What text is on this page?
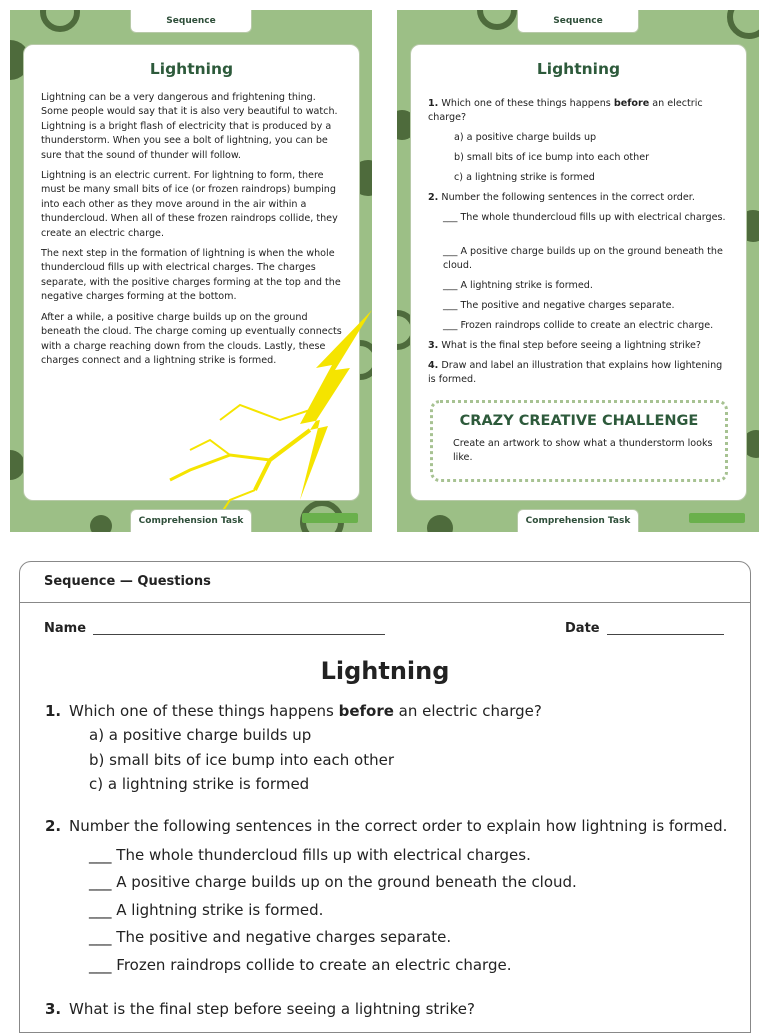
Sequence
Lightning

Lightning can be a very dangerous and frightening thing. Some people would say that it is also very beautiful to watch. Lightning is a bright flash of electricity that is produced by a thunderstorm. When you see a bolt of lightning, you can be sure that the sound of thunder will follow.

Lightning is an electric current. For lightning to form, there must be many small bits of ice (or frozen raindrops) bumping into each other as they move around in the air within a thundercloud. When all of these frozen raindrops collide, they create an electric charge.

The next step in the formation of lightning is when the whole thundercloud fills up with electrical charges. The charges separate, with the positive charges forming at the top and the negative charges forming at the bottom.

After a while, a positive charge builds up on the ground beneath the cloud. The charge coming up eventually connects with a charge reaching down from the clouds. Lastly, these charges connect and a lightning strike is formed.

Comprehension Task
Sequence
Lightning
1. Which one of these things happens before an electric charge?
a) a positive charge builds up
b) small bits of ice bump into each other
c) a lightning strike is formed
2. Number the following sentences in the correct order.
___ The whole thundercloud fills up with electrical charges.
___ A positive charge builds up on the ground beneath the cloud.
___ A lightning strike is formed.
___ The positive and negative charges separate.
___ Frozen raindrops collide to create an electric charge.
3. What is the final step before seeing a lightning strike?
4. Draw and label an illustration that explains how lightening is formed.
CRAZY CREATIVE CHALLENGE
Create an artwork to show what a thunderstorm looks like.
Comprehension Task
Sequence — Questions
Name	Date
Lightning
1. Which one of these things happens before an electric charge?
a) a positive charge builds up
b) small bits of ice bump into each other
c) a lightning strike is formed
2. Number the following sentences in the correct order to explain how lightning is formed.
___ The whole thundercloud fills up with electrical charges.
___ A positive charge builds up on the ground beneath the cloud.
___ A lightning strike is formed.
___ The positive and negative charges separate.
___ Frozen raindrops collide to create an electric charge.
3. What is the final step before seeing a lightning strike?
